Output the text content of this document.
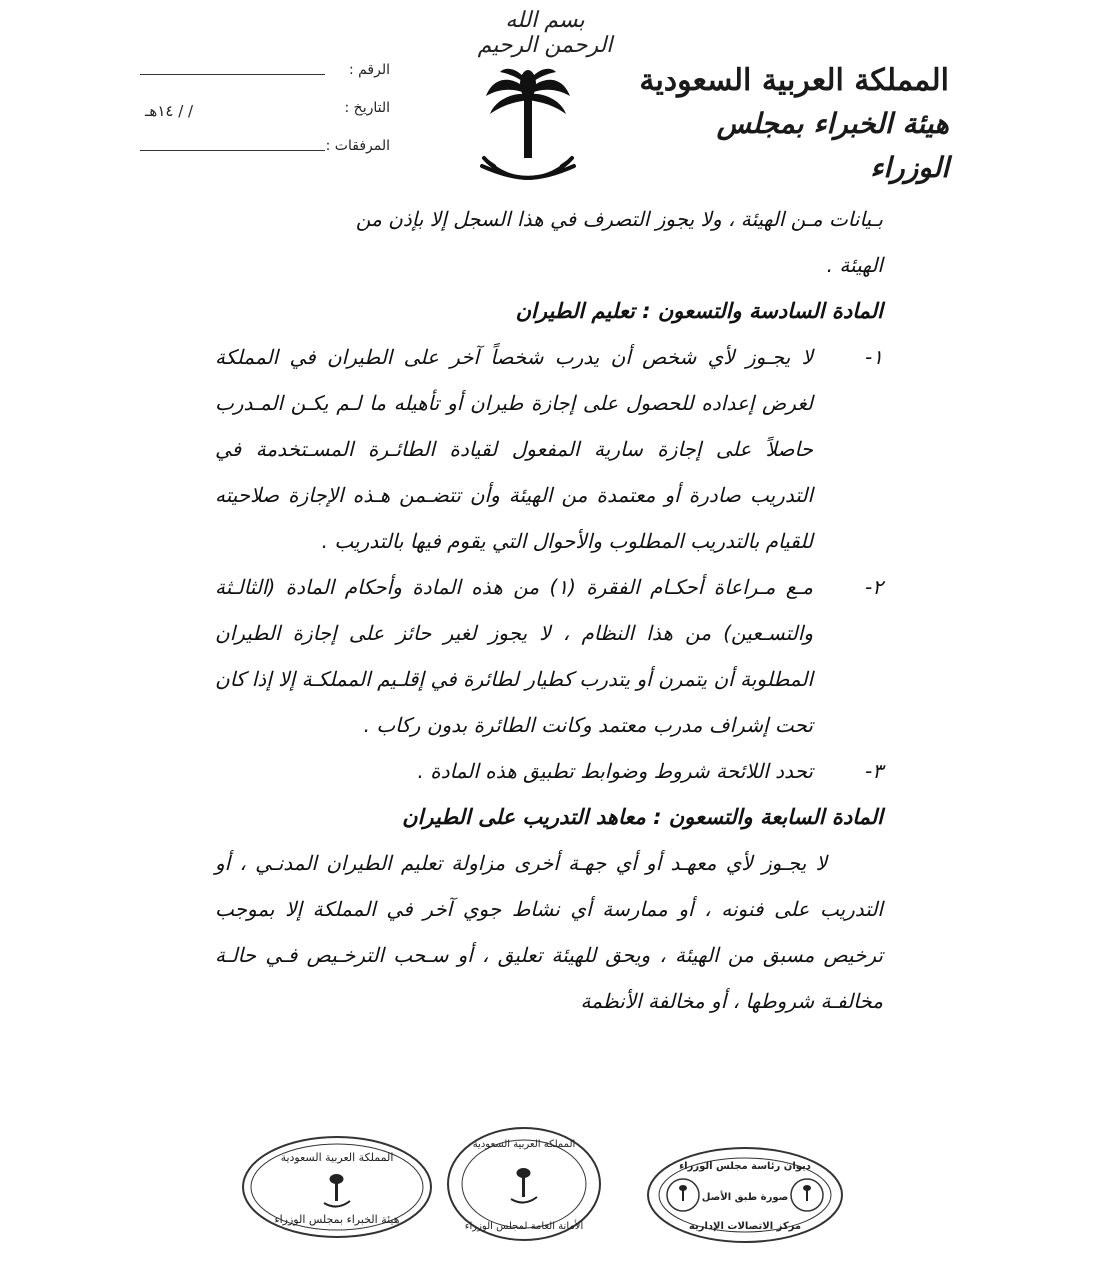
بسم الله الرحمن الرحيم
المملكة العربية السعودية
هيئة الخبراء بمجلس الوزراء
الرقم :
التاريخ :
١٤هـ / /
المرفقات :

بـيانات مـن الهيئة ، ولا يجوز التصرف في هذا السجل إلا بإذن من

الهيئة .

المادة السادسة والتسعون : تعليم الطيران

١-
لا يجـوز لأي شخص أن يدرب شخصاً آخر على الطيران في المملكة لغرض إعداده للحصول على إجازة طيران أو تأهيله ما لـم يكـن المـدرب حاصلاً على إجازة سارية المفعول لقيادة الطائـرة المسـتخدمة في التدريب صادرة أو معتمدة من الهيئة وأن تتضـمن هـذه الإجازة صلاحيته للقيام بالتدريب المطلوب والأحوال التي يقوم فيها بالتدريب .
٢-
مـع مـراعاة أحكـام الفقرة (١) من هذه المادة وأحكام المادة (الثالـثة والتسـعين) من هذا النظام ، لا يجوز لغير حائز على إجازة الطيران المطلوبة أن يتمرن أو يتدرب كطيار لطائرة في إقلـيم المملكـة إلا إذا كان تحت إشراف مدرب معتمد وكانت الطائرة بدون ركاب .
٣-
تحدد اللائحة شروط وضوابط تطبيق هذه المادة .

المادة السابعة والتسعون : معاهد التدريب على الطيران

لا يجـوز لأي معهـد أو أي جهـة أخرى مزاولة تعليم الطيران المدنـي ، أو التدريب على فنونه ، أو ممارسة أي نشاط جوي آخر في المملكة إلا بموجب ترخيص مسبق من الهيئة ، ويحق للهيئة تعليق ، أو سـحب الترخـيص فـي حالـة مخالفـة شروطها ، أو مخالفة الأنظمة

المملكة العربية السعودية
هيئة الخبراء بمجلس الوزراء
المملكة العربية السعودية
الأمانة العامة لمجلس الوزراء
ديوان رئاسة مجلس الوزراء
صورة طبق الأصل
مركز الاتصالات الإدارية
